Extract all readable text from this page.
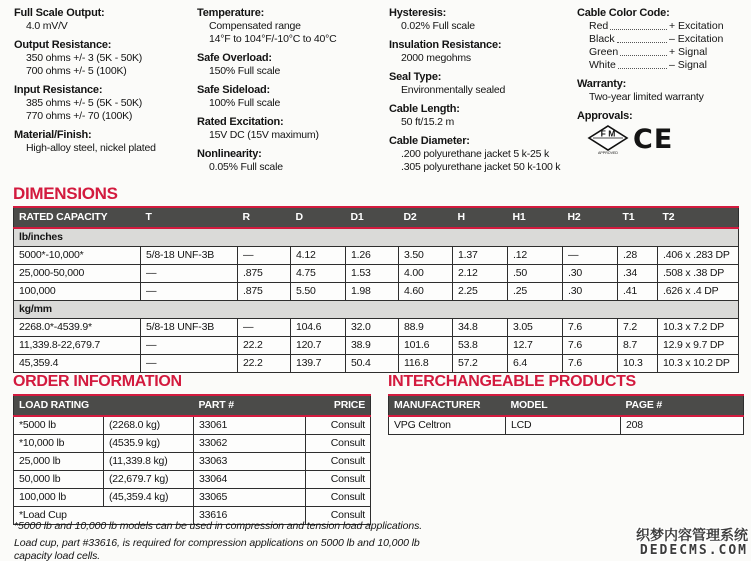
Full Scale Output:
4.0 mV/V
Output Resistance:
350 ohms +/- 3 (5K - 50K)
700 ohms +/- 5 (100K)
Input Resistance:
385 ohms +/- 5 (5K - 50K)
770 ohms +/- 70 (100K)
Material/Finish:
High-alloy steel, nickel plated
Temperature:
Compensated range
14°F to 104°F/-10°C to 40°C
Safe Overload:
150% Full scale
Safe Sideload:
100% Full scale
Rated Excitation:
15V DC (15V maximum)
Nonlinearity:
0.05% Full scale
Hysteresis:
0.02% Full scale
Insulation Resistance:
2000 megohms
Seal Type:
Environmentally sealed
Cable Length:
50 ft/15.2 m
Cable Diameter:
.200 polyurethane jacket 5 k-25 k
.305 polyurethane jacket 50 k-100 k
Cable Color Code:
Red	+ Excitation
Black	– Excitation
Green	+ Signal
White	– Signal
Warranty:
Two-year limited warranty
Approvals:
F M
APPROVED CE
DIMENSIONS
RATED CAPACITY	T	R	D	D1	D2	H	H1	H2	T1	T2
lb/inches										
5000*-10,000*	5/8-18 UNF-3B	—	4.12	1.26	3.50	1.37	.12	—	.28	.406 x .283 DP
25,000-50,000	—	.875	4.75	1.53	4.00	2.12	.50	.30	.34	.508 x .38 DP
100,000	—	.875	5.50	1.98	4.60	2.25	.25	.30	.41	.626 x .4 DP
kg/mm										
2268.0*-4539.9*	5/8-18 UNF-3B	—	104.6	32.0	88.9	34.8	3.05	7.6	7.2	10.3 x 7.2 DP
11,339.8-22,679.7	—	22.2	120.7	38.9	101.6	53.8	12.7	7.6	8.7	12.9 x 9.7 DP
45,359.4	—	22.2	139.7	50.4	116.8	57.2	6.4	7.6	10.3	10.3 x 10.2 DP
ORDER INFORMATION
LOAD RATING		PART #	PRICE
*5000 lb	(2268.0 kg)	33061	Consult
*10,000 lb	(4535.9 kg)	33062	Consult
25,000 lb	(11,339.8 kg)	33063	Consult
50,000 lb	(22,679.7 kg)	33064	Consult
100,000 lb	(45,359.4 kg)	33065	Consult
*Load Cup		33616	Consult
INTERCHANGEABLE PRODUCTS
MANUFACTURER	MODEL	PAGE #
VPG Celtron	LCD	208

*5000 lb and 10,000 lb models can be used in compression and tension load applications.

Load cup, part #33616, is required for compression applications on 5000 lb and 10,000 lb capacity load cells.

织梦内容管理系统
DEDECMS.COM
